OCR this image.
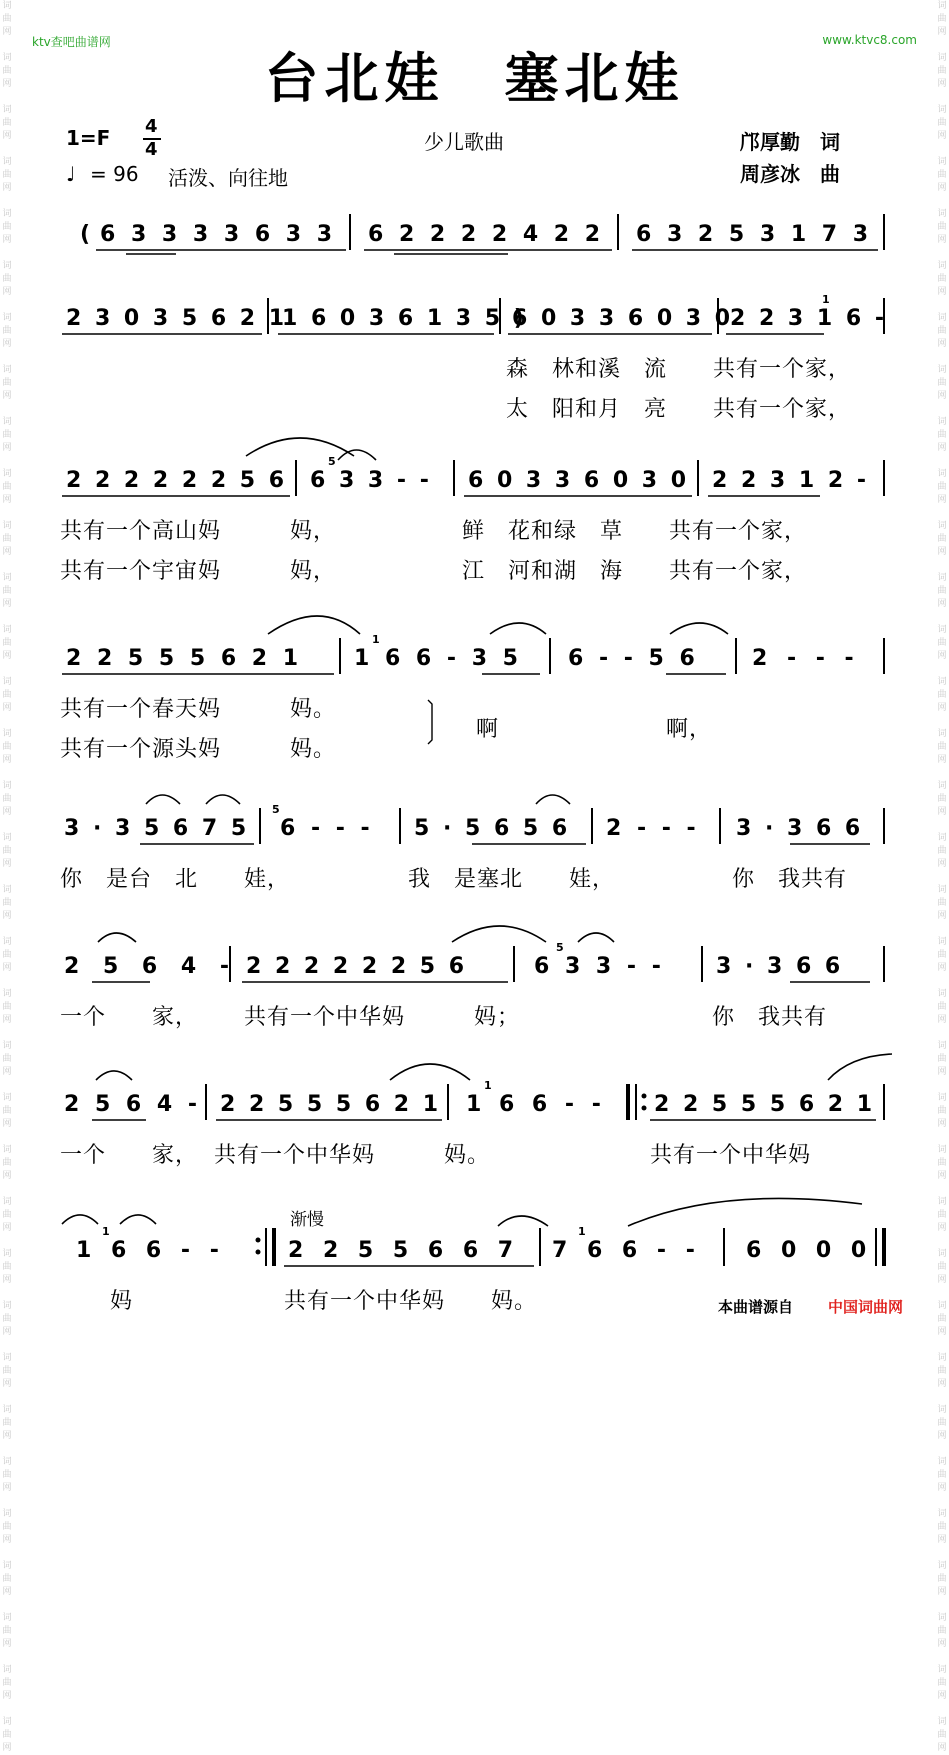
词
曲
网

词
曲
网

词
曲
网

词
曲
网

词
曲
网

词
曲
网

词
曲
网

词
曲
网

词
曲
网

词
曲
网

词
曲
网

词
曲
网

词
曲
网

词
曲
网

词
曲
网

词
曲
网

词
曲
网

词
曲
网

词
曲
网

词
曲
网

词
曲
网

词
曲
网

词
曲
网

词
曲
网

词
曲
网

词
曲
网

词
曲
网

词
曲
网

词
曲
网

词
曲
网

词
曲
网

词
曲
网

词
曲
网

词
曲
网

词
曲
网

词
曲
网

词
曲
网

词
曲
网

词
曲
网

词
曲
网

词
曲
网

词
曲
网

词
曲
网

词
曲
网

词
曲
网

词
曲
网

词
曲
网

词
曲
网

词
曲
网

词
曲
网

词
曲
网

词
曲
网

词
曲
网

词
曲
网

词
曲
网

词
曲
网

词
曲
网

词
曲
网

词
曲
网

词
曲
网

词
曲
网

词
曲
网

词
曲
网

词
曲
网

词
曲
网

词
曲
网

词
曲
网

词
曲
网

ktv查吧曲谱网	www.ktvc8.com
台北娃　塞北娃
1=F 4
4
♩ = 96 活泼、向往地
少儿歌曲	邝厚勤　词
周彦冰　曲
渐慢
( 6 3 3 3 3 6 3 3 6 2 2 2 2 4 2 2 6 3 2 5 3 1 7 3
2 3 0 3 5 6 2 1
1 6 0 3 6 1 3 5 )
6 0 3 3 6 0 3 0
2 2 3 1 6 -
1
森　林和溪　流　　共有一个家，
太　阳和月　亮　　共有一个家，
2 2 2 2 2 2 5 6 6 3 3 - -
5
6 0 3 3 6 0 3 0 2 2 3 1 2 -
共有一个高山妈　　　妈，	鲜　花和绿　草　　共有一个家，
共有一个宇宙妈　　　妈，	江　河和湖　海　　共有一个家，
2 2 5 5 5 6 2 1 1 6 6 - 3 5
1
6 - - 5 6 2 - - -
共有一个春天妈　　　妈。
共有一个源头妈　　　妈。
啊	啊，
3 · 3 5 6 7 5 6 - - -
5
5 · 5 6 5 6 2 - - - 3 · 3 6 6
你　是台　北　　娃，	我　是塞北　　娃，	你　我共有
2 5 6 4 - 2 2 2 2 2 2 5 6	6 3 3 - -
5
3 · 3 6 6
一个　　家， 共有一个中华妈　　　妈；	你　我共有
2 5 6 4 - 2 2 5 5 5 6 2 1 1 6 6 - -
1
2 2 5 5 5 6 2 1
一个　　家， 共有一个中华妈　　　妈。	共有一个中华妈
1 6 6 - -
1
2 2 5 5 6 6 7 7 6 6 - -
1
6 0 0 0
妈	共有一个中华妈　　妈。	本曲谱源自 中国词曲网
